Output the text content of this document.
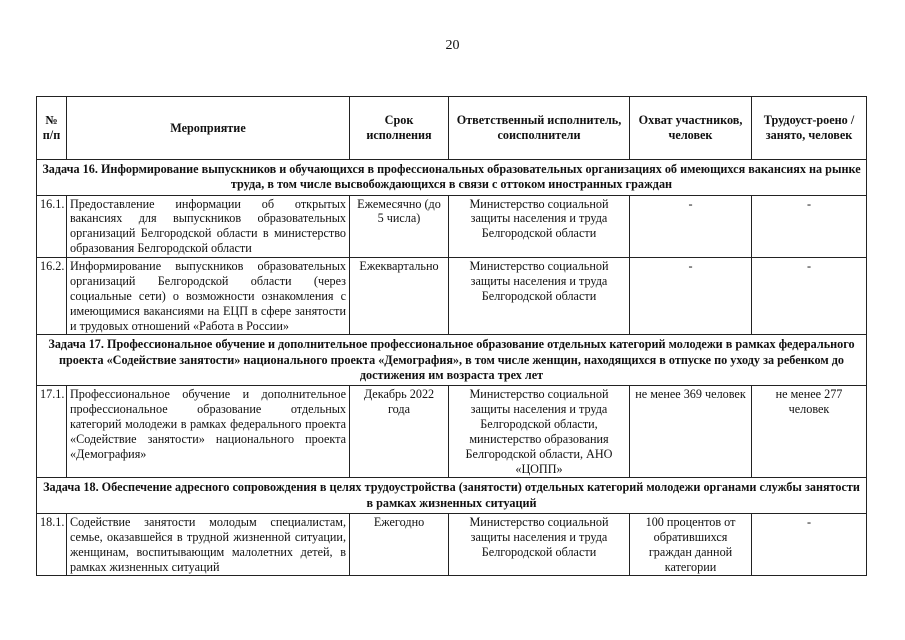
20
№ п/п	Мероприятие	Срок исполнения	Ответственный исполнитель, соисполнители	Охват участников, человек	Трудоуст-роено / занято, человек
Задача 16. Информирование выпускников и обучающихся в профессиональных образовательных организациях об имеющихся вакансиях на рынке труда, в том числе высвобождающихся в связи с оттоком иностранных граждан					
16.1.	Предоставление информации об открытых вакансиях для выпускников образовательных организаций Белгородской области в министерство образования Белгородской области	Ежемесячно (до 5 числа)	Министерство социальной защиты населения и труда Белгородской области	-	-
16.2.	Информирование выпускников образовательных организаций Белгородской области (через социальные сети) о возможности ознакомления с имеющимися вакансиями на ЕЦП в сфере занятости и трудовых отношений «Работа в России»	Ежеквартально	Министерство социальной защиты населения и труда Белгородской области	-	-
Задача 17. Профессиональное обучение и дополнительное профессиональное образование отдельных категорий молодежи в рамках федерального проекта «Содействие занятости» национального проекта «Демография», в том числе женщин, находящихся в отпуске по уходу за ребенком до достижения им возраста трех лет					
17.1.	Профессиональное обучение и дополнительное профессиональное образование отдельных категорий молодежи в рамках федерального проекта «Содействие занятости» национального проекта «Демография»	Декабрь 2022 года	Министерство социальной защиты населения и труда Белгородской области, министерство образования Белгородской области, АНО «ЦОПП»	не менее 369 человек	не менее 277 человек
Задача 18. Обеспечение адресного сопровождения в целях трудоустройства (занятости) отдельных категорий молодежи органами службы занятости в рамках жизненных ситуаций					
18.1.	Содействие занятости молодым специалистам, семье, оказавшейся в трудной жизненной ситуации, женщинам, воспитывающим малолетних детей, в рамках жизненных ситуаций	Ежегодно	Министерство социальной защиты населения и труда Белгородской области	100 процентов от обратившихся граждан данной категории	-
